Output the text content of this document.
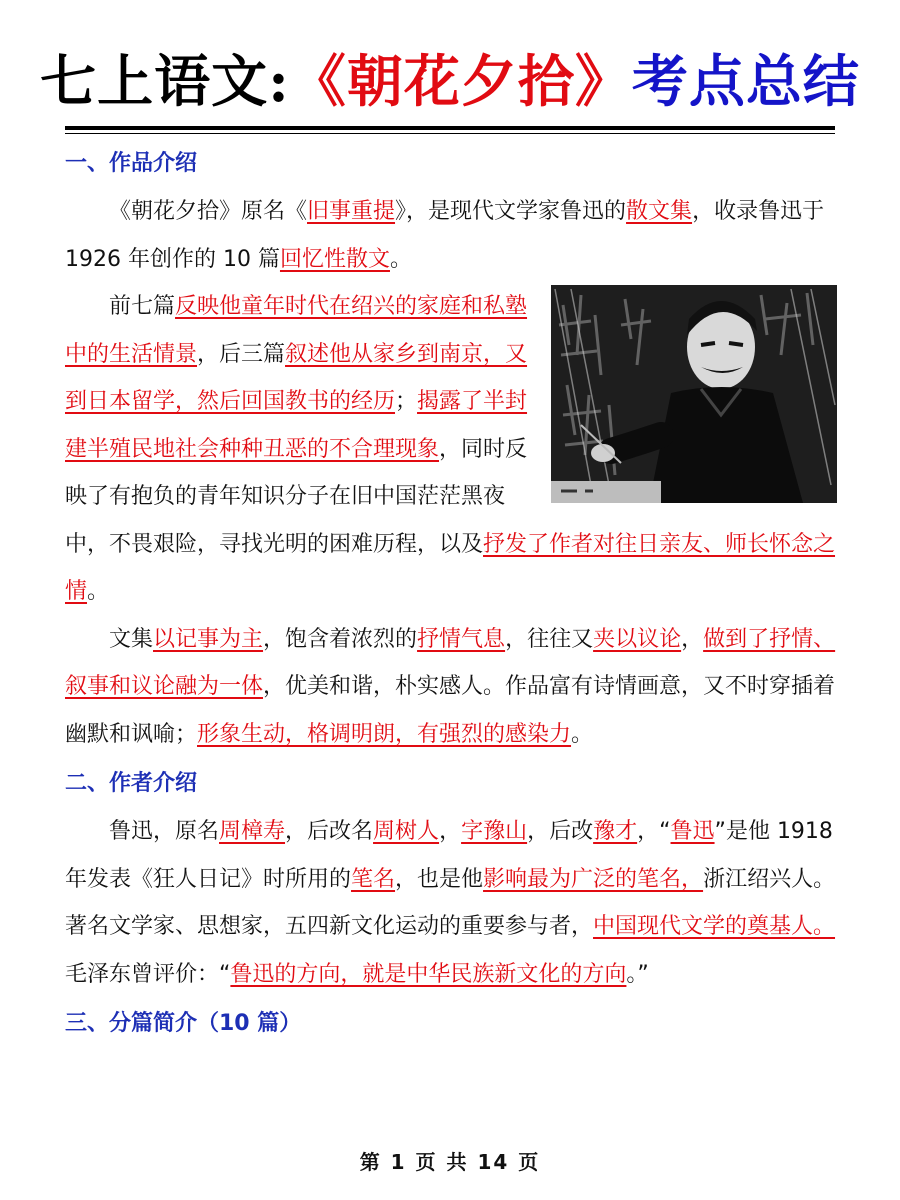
七上语文:《朝花夕拾》考点总结
一、作品介绍

《朝花夕拾》原名《旧事重提》，是现代文学家鲁迅的散文集，收录鲁迅于 1926 年创作的 10 篇回忆性散文。

前七篇反映他童年时代在绍兴的家庭和私塾中的生活情景，后三篇叙述他从家乡到南京，又到日本留学，然后回国教书的经历；揭露了半封建半殖民地社会种种丑恶的不合理现象，同时反映了有抱负的青年知识分子在旧中国茫茫黑夜中，不畏艰险，寻找光明的困难历程，以及抒发了作者对往日亲友、师长怀念之情。

文集以记事为主，饱含着浓烈的抒情气息，往往又夹以议论，做到了抒情、叙事和议论融为一体，优美和谐，朴实感人。作品富有诗情画意，又不时穿插着幽默和讽喻；形象生动，格调明朗，有强烈的感染力。

二、作者介绍

鲁迅，原名周樟寿，后改名周树人，字豫山，后改豫才，“鲁迅”是他 1918 年发表《狂人日记》时所用的笔名，也是他影响最为广泛的笔名，浙江绍兴人。著名文学家、思想家，五四新文化运动的重要参与者，中国现代文学的奠基人。毛泽东曾评价：“鲁迅的方向，就是中华民族新文化的方向。”

三、分篇简介（10 篇）
第 1 页 共 14 页
